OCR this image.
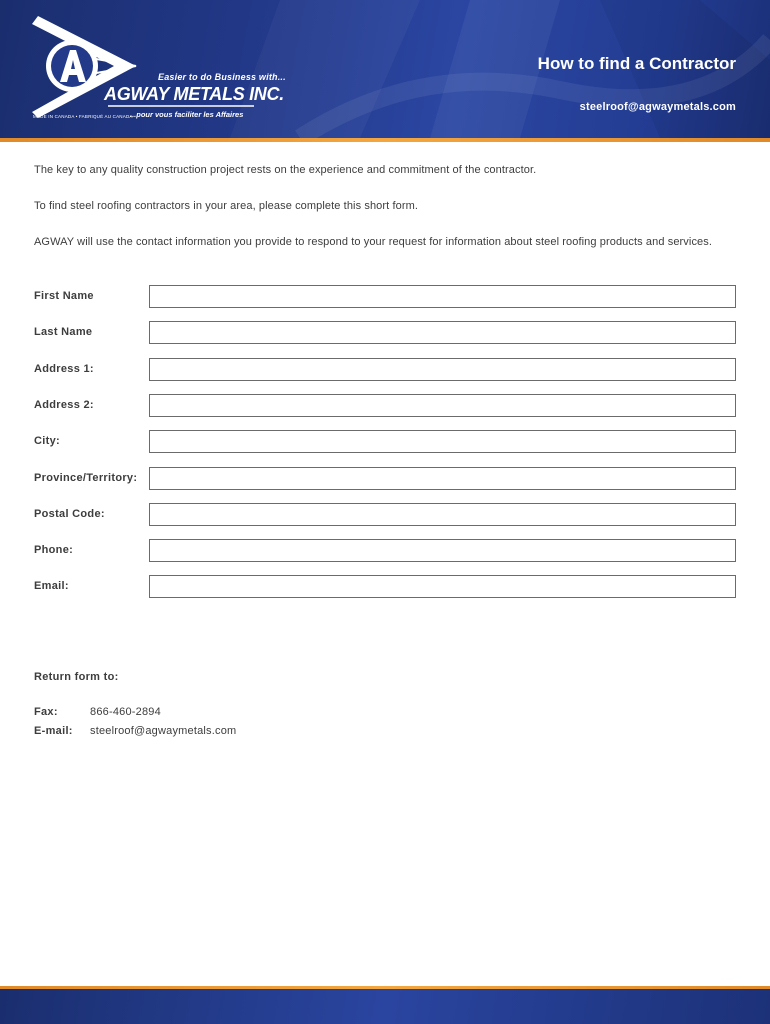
Easier to do Business with...
AGWAY METALS INC.
MADE IN CANADA • FABRIQUÉ AU CANADA
...pour vous faciliter les Affaires
How to find a Contractor
steelroof@agwaymetals.com

The key to any quality construction project rests on the experience and commitment of the contractor.

To find steel roofing contractors in your area, please complete this short form.

AGWAY will use the contact information you provide to respond to your request for information about steel roofing products and services.

First Name
Last Name
Address 1:
Address 2:
City:
Province/Territory:
Postal Code:
Phone:
Email:
Return form to:
Fax:	866-460-2894
E-mail: steelroof@agwaymetals.com
